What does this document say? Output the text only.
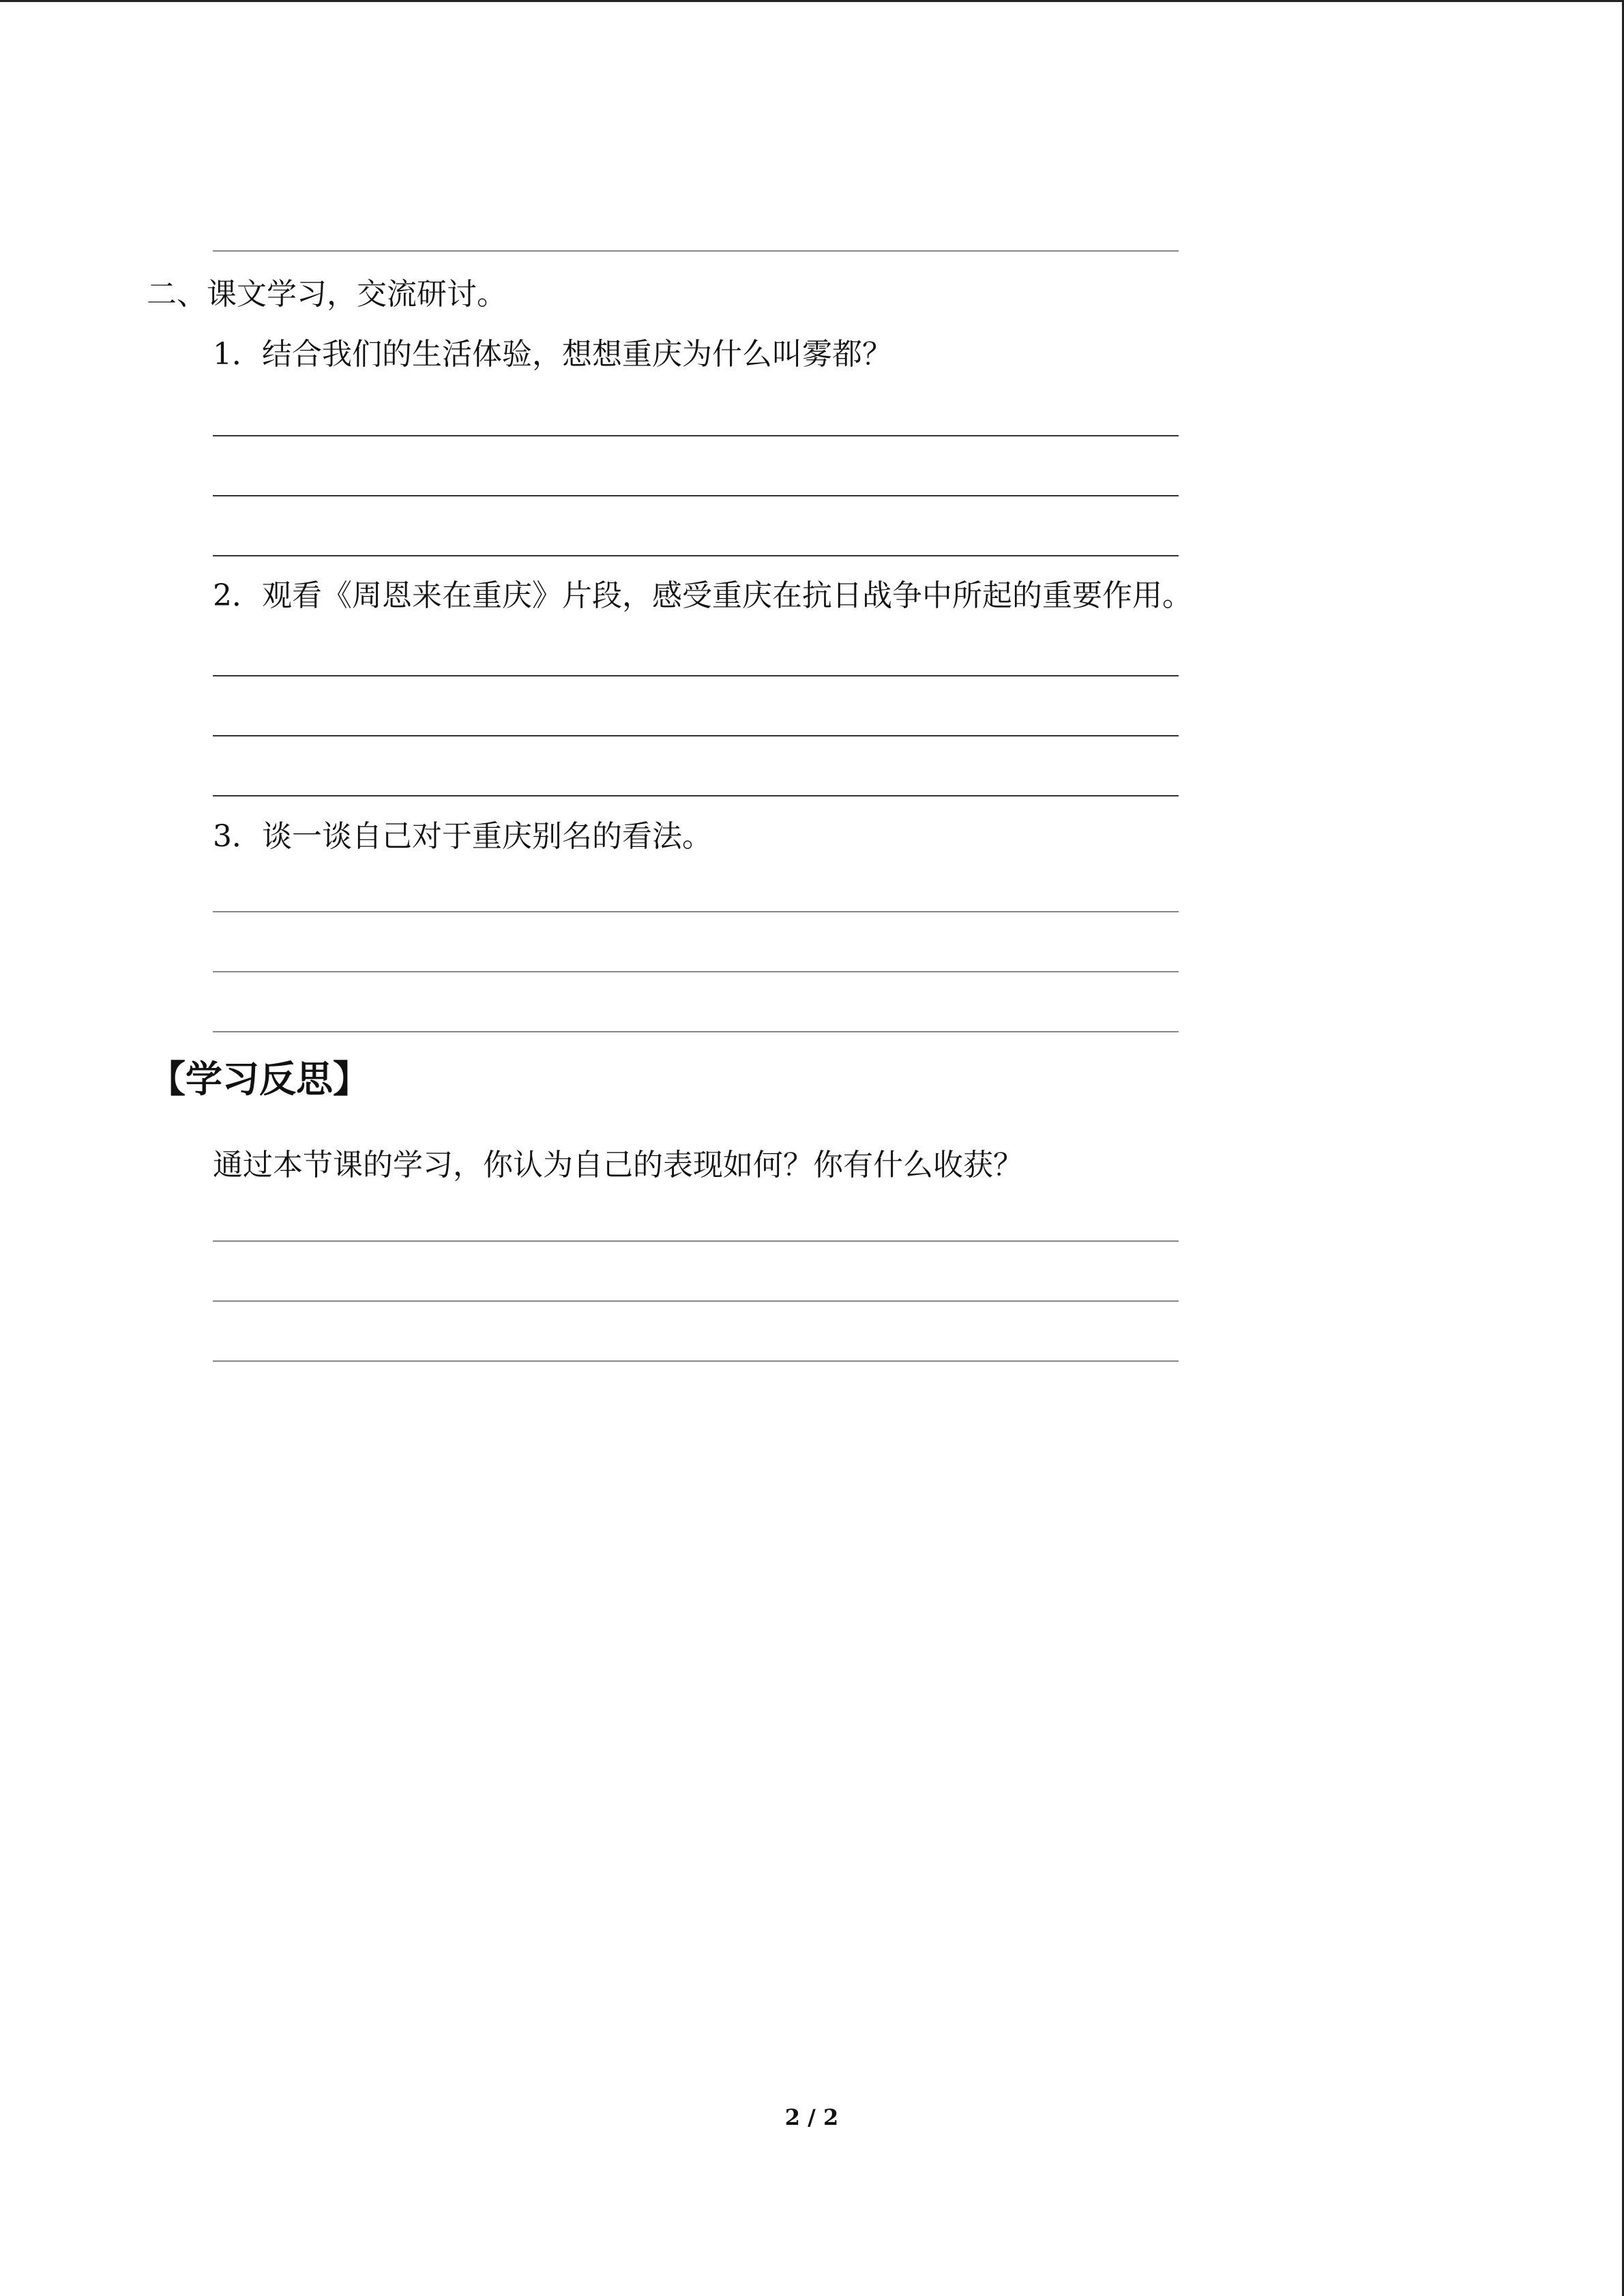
二、课文学习，交流研讨。
1．结合我们的生活体验，想想重庆为什么叫雾都？
2．观看《周恩来在重庆》片段，感受重庆在抗日战争中所起的重要作用。
3．谈一谈自己对于重庆别名的看法。
【学习反思】
通过本节课的学习，你认为自己的表现如何？你有什么收获？
2 / 2
